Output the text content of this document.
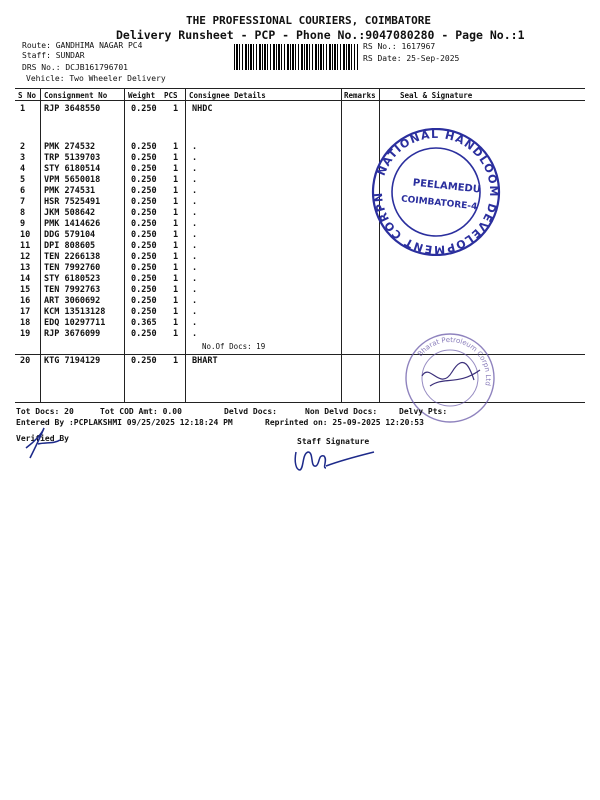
THE PROFESSIONAL COURIERS, COIMBATORE
Delivery Runsheet - PCP - Phone No.:9047080280 - Page No.:1
Route: GANDHIMA NAGAR PC4
Staff: SUNDAR
DRS No.: DCJB161796701
Vehicle: Two Wheeler Delivery
RS No.: 1617967
RS Date: 25-Sep-2025
S No Consignment No	Weight PCS Consignee Details	Remarks	Seal & Signature
1 RJP 3648550	0.250 1 NHDC
2 PMK 274532	0.250 1 .
3 TRP 5139703	0.250 1 .
4 STY 6180514	0.250 1 .
5 VPM 5650018	0.250 1 .
6 PMK 274531	0.250 1 .
7 HSR 7525491	0.250 1 .
8 JKM 508642	0.250 1 .
9 PMK 1414626	0.250 1 .
10 DDG 579104	0.250 1 .
11 DPI 808605	0.250 1 .
12 TEN 2266138	0.250 1 .
13 TEN 7992760	0.250 1 .
14 STY 6180523	0.250 1 .
15 TEN 7992763	0.250 1 .
16 ART 3060692	0.250 1 .
17 KCM 13513128	0.250 1 .
18 EDQ 10297711	0.365 1 .
19 RJP 3676099	0.250 1 .
No.Of Docs: 19
20 KTG 7194129	0.250 1 BHART
NATIONAL HANDLOOM DEVELOPMENT CORPN
PEELAMEDU
COIMBATORE-4
Bharat Petroleum Corpn Ltd
Tot Docs: 20	Tot COD Amt: 0.00	Delvd Docs:	Non Delvd Docs:	Delvy Pts:
Entered By :PCPLAKSHMI 09/25/2025 12:18:24 PM	Reprinted on: 25-09-2025 12:20:53
Verified By	Staff Signature
